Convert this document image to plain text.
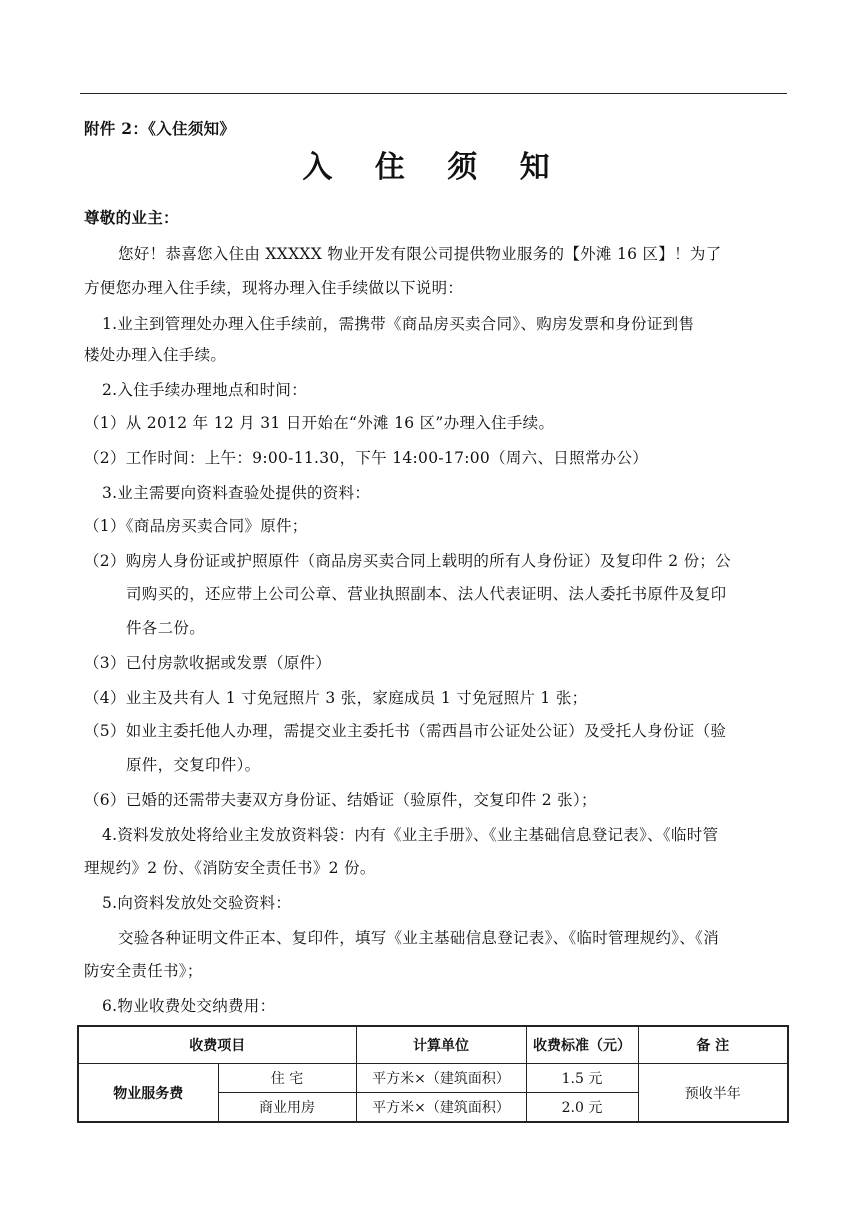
附件 2：《入住须知》
入 住 须 知
尊敬的业主：
您好！恭喜您入住由 XXXXX 物业开发有限公司提供物业服务的【外滩 16 区】！为了
方便您办理入住手续，现将办理入住手续做以下说明：
1.业主到管理处办理入住手续前，需携带《商品房买卖合同》、购房发票和身份证到售
楼处办理入住手续。
2.入住手续办理地点和时间：
（1）从 2012 年 12 月 31 日开始在“外滩 16 区”办理入住手续。
（2）工作时间：上午：9:00-11.30，下午 14:00-17:00（周六、日照常办公）
3.业主需要向资料查验处提供的资料：
（1）《商品房买卖合同》原件；
（2）购房人身份证或护照原件（商品房买卖合同上载明的所有人身份证）及复印件 2 份；公
司购买的，还应带上公司公章、营业执照副本、法人代表证明、法人委托书原件及复印
件各二份。
（3）已付房款收据或发票（原件）
（4）业主及共有人 1 寸免冠照片 3 张，家庭成员 1 寸免冠照片 1 张；
（5）如业主委托他人办理，需提交业主委托书（需西昌市公证处公证）及受托人身份证（验
原件，交复印件）。
（6）已婚的还需带夫妻双方身份证、结婚证（验原件，交复印件 2 张）；
4.资料发放处将给业主发放资料袋：内有《业主手册》、《业主基础信息登记表》、《临时管
理规约》2 份、《消防安全责任书》2 份。
5.向资料发放处交验资料：
交验各种证明文件正本、复印件，填写《业主基础信息登记表》、《临时管理规约》、《消
防安全责任书》；
6.物业收费处交纳费用：
收费项目		计算单位	收费标准（元）	备 注
物业服务费	住 宅	平方米×（建筑面积）	1.5 元	预收半年
	商业用房	平方米×（建筑面积）	2.0 元	
